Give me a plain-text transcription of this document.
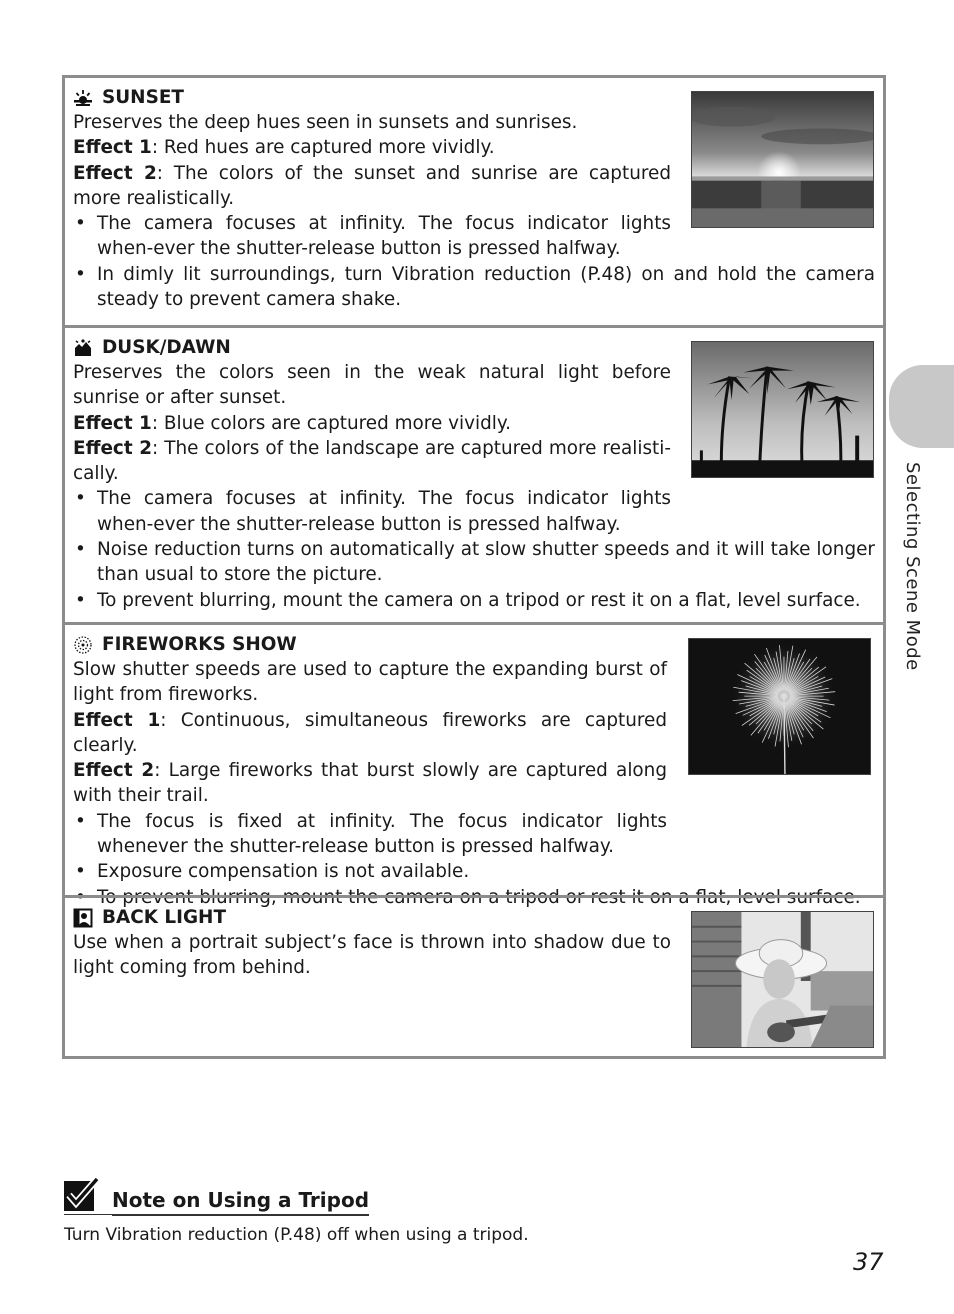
SUNSET

Preserves the deep hues seen in sunsets and sunrises.

Effect 1: Red hues are captured more vividly.

Effect 2: The colors of the sunset and sunrise are captured more realistically.

• The camera focuses at infinity. The focus indicator lights when-ever the shutter-release button is pressed halfway.
• In dimly lit surroundings, turn Vibration reduction (P.48) on and hold the camera steady to prevent camera shake.
DUSK/DAWN

Preserves the colors seen in the weak natural light before sunrise or after sunset.

Effect 1: Blue colors are captured more vividly.

Effect 2: The colors of the landscape are captured more realisti-cally.

• The camera focuses at infinity. The focus indicator lights when-ever the shutter-release button is pressed halfway.
• Noise reduction turns on automatically at slow shutter speeds and it will take longer than usual to store the picture.
• To prevent blurring, mount the camera on a tripod or rest it on a flat, level surface.
FIREWORKS SHOW

Slow shutter speeds are used to capture the expanding burst of light from fireworks.

Effect 1: Continuous, simultaneous fireworks are captured clearly.

Effect 2: Large fireworks that burst slowly are captured along with their trail.

• The focus is fixed at infinity. The focus indicator lights whenever the shutter-release button is pressed halfway.
• Exposure compensation is not available.
• To prevent blurring, mount the camera on a tripod or rest it on a flat, level surface.
BACK LIGHT

Use when a portrait subject’s face is thrown into shadow due to light coming from behind.

Selecting Scene Mode
Note on Using a Tripod
Turn Vibration reduction (P.48) off when using a tripod.
37
